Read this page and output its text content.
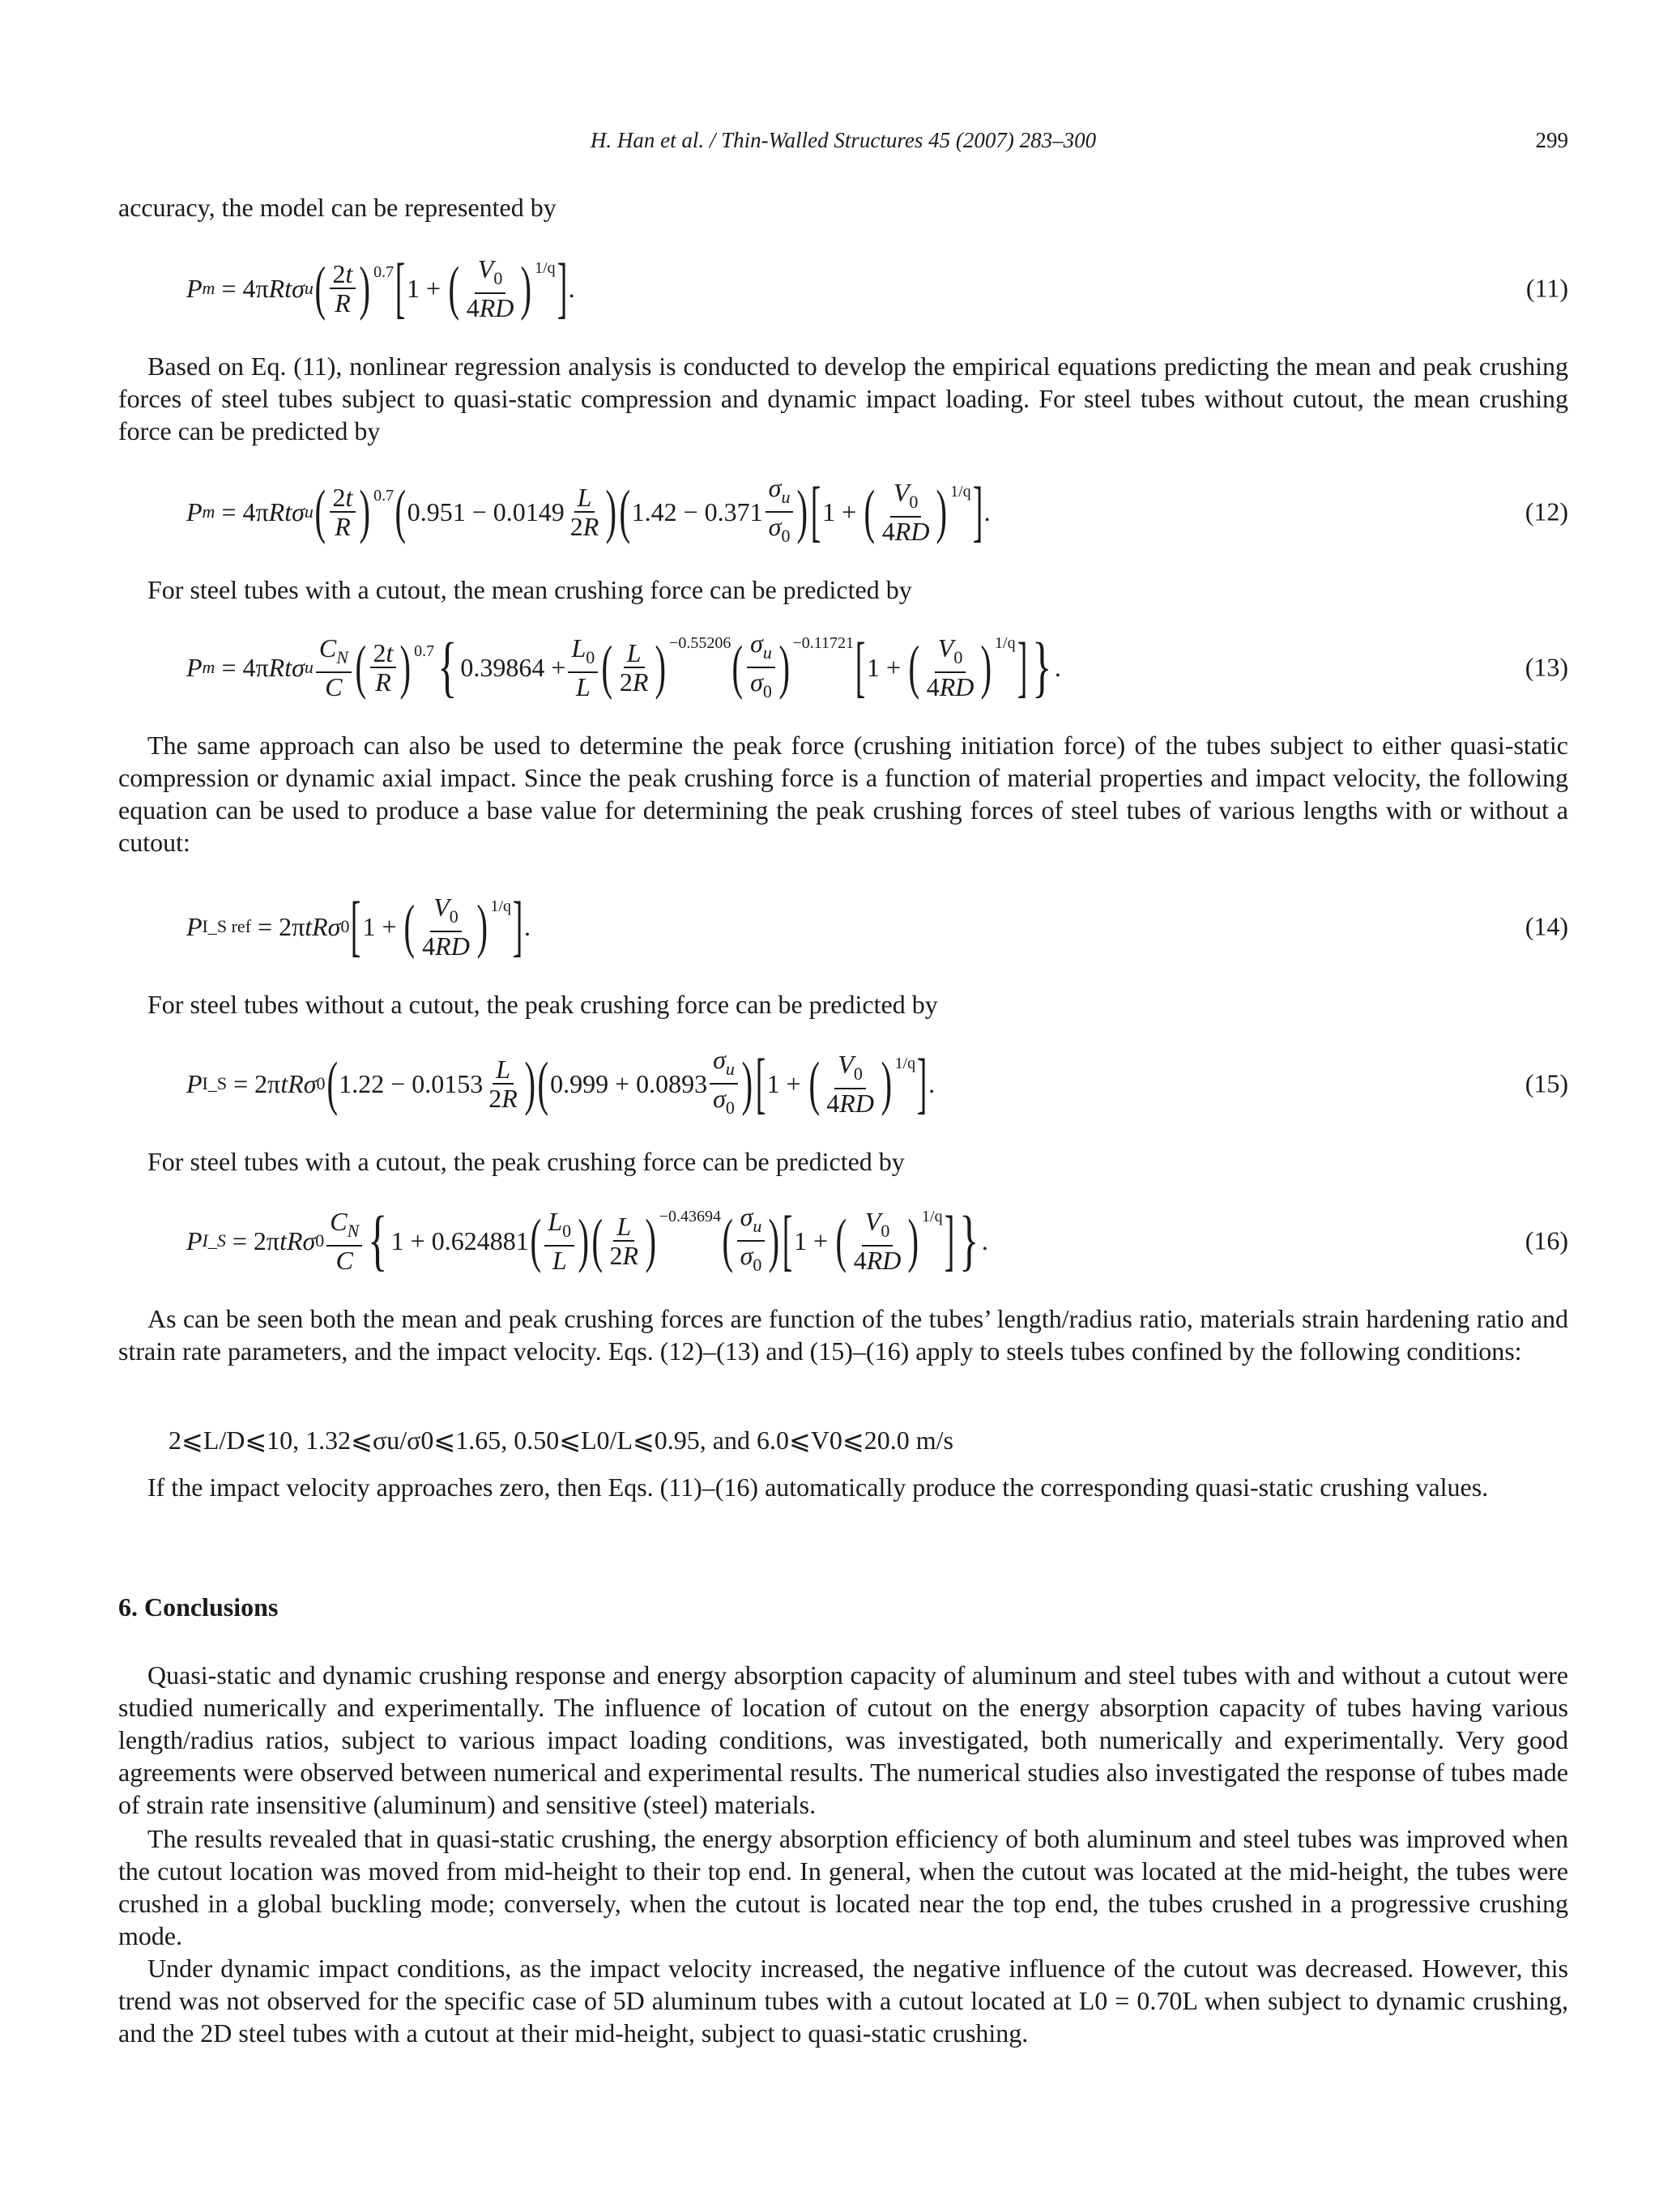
H. Han et al. / Thin-Walled Structures 45 (2007) 283–300	299
accuracy, the model can be represented by
P m = 4π Rtσ u ( $\frac{2t}{R}$ ) 0.7 [ 1 + ( $\frac{V_0}{4RD}$ ) 1/q ] .	(11)
Based on Eq. (11), nonlinear regression analysis is conducted to develop the empirical equations predicting the mean and peak crushing forces of steel tubes subject to quasi-static compression and dynamic impact loading. For steel tubes without cutout, the mean crushing force can be predicted by
P m = 4π Rtσ u ( $\frac{2t}{R}$ ) 0.7 ( $0.951 - 0.0149 \frac{L}{2R}$ ) ( $1.42 - 0.371 \frac{\sigma_u}{\sigma_0}$ ) [ 1 + ( $\frac{V_0}{4RD}$ ) 1/q ] .	(12)
For steel tubes with a cutout, the mean crushing force can be predicted by
P m = 4π Rtσ u $\frac{C_N}{C}$ ( $\frac{2t}{R}$ ) 0.7 { $0.39864 + \frac{L_0}{L}$ ( $\frac{L}{2R}$ ) −0.55206 ( $\frac{\sigma_u}{\sigma_0}$ ) −0.11721 [ 1 + ( $\frac{V_0}{4RD}$ ) 1/q ] } .	(13)
The same approach can also be used to determine the peak force (crushing initiation force) of the tubes subject to either quasi-static compression or dynamic axial impact. Since the peak crushing force is a function of material properties and impact velocity, the following equation can be used to produce a base value for determining the peak crushing forces of steel tubes of various lengths with or without a cutout:
P I_S ref = 2π tRσ 0 [ 1 + ( $\frac{V_0}{4RD}$ ) 1/q ] .	(14)
For steel tubes without a cutout, the peak crushing force can be predicted by
P I_S = 2π tRσ 0 ( $1.22 - 0.0153 \frac{L}{2R}$ ) ( $0.999 + 0.0893 \frac{\sigma_u}{\sigma_0}$ ) [ 1 + ( $\frac{V_0}{4RD}$ ) 1/q ] .	(15)
For steel tubes with a cutout, the peak crushing force can be predicted by
P I_S = 2π tRσ $0 \frac{C_N}{C}$ { 1 + 0.624881 ( $\frac{L_0}{L}$ ) ( $\frac{L}{2R}$ ) −0.43694 ( $\frac{\sigma_u}{\sigma_0}$ ) [ 1 + ( $\frac{V_0}{4RD}$ ) 1/q ] } .	(16)
As can be seen both the mean and peak crushing forces are function of the tubes’ length/radius ratio, materials strain hardening ratio and strain rate parameters, and the impact velocity. Eqs. (12)–(13) and (15)–(16) apply to steels tubes confined by the following conditions:
2⩽L/D⩽10, 1.32⩽σu/σ0⩽1.65, 0.50⩽L0/L⩽0.95, and 6.0⩽V0⩽20.0 m/s
If the impact velocity approaches zero, then Eqs. (11)–(16) automatically produce the corresponding quasi-static crushing values.
6. Conclusions
Quasi-static and dynamic crushing response and energy absorption capacity of aluminum and steel tubes with and without a cutout were studied numerically and experimentally. The influence of location of cutout on the energy absorption capacity of tubes having various length/radius ratios, subject to various impact loading conditions, was investigated, both numerically and experimentally. Very good agreements were observed between numerical and experimental results. The numerical studies also investigated the response of tubes made of strain rate insensitive (aluminum) and sensitive (steel) materials.
The results revealed that in quasi-static crushing, the energy absorption efficiency of both aluminum and steel tubes was improved when the cutout location was moved from mid-height to their top end. In general, when the cutout was located at the mid-height, the tubes were crushed in a global buckling mode; conversely, when the cutout is located near the top end, the tubes crushed in a progressive crushing mode.
Under dynamic impact conditions, as the impact velocity increased, the negative influence of the cutout was decreased. However, this trend was not observed for the specific case of 5D aluminum tubes with a cutout located at L0 = 0.70L when subject to dynamic crushing, and the 2D steel tubes with a cutout at their mid-height, subject to quasi-static crushing.
